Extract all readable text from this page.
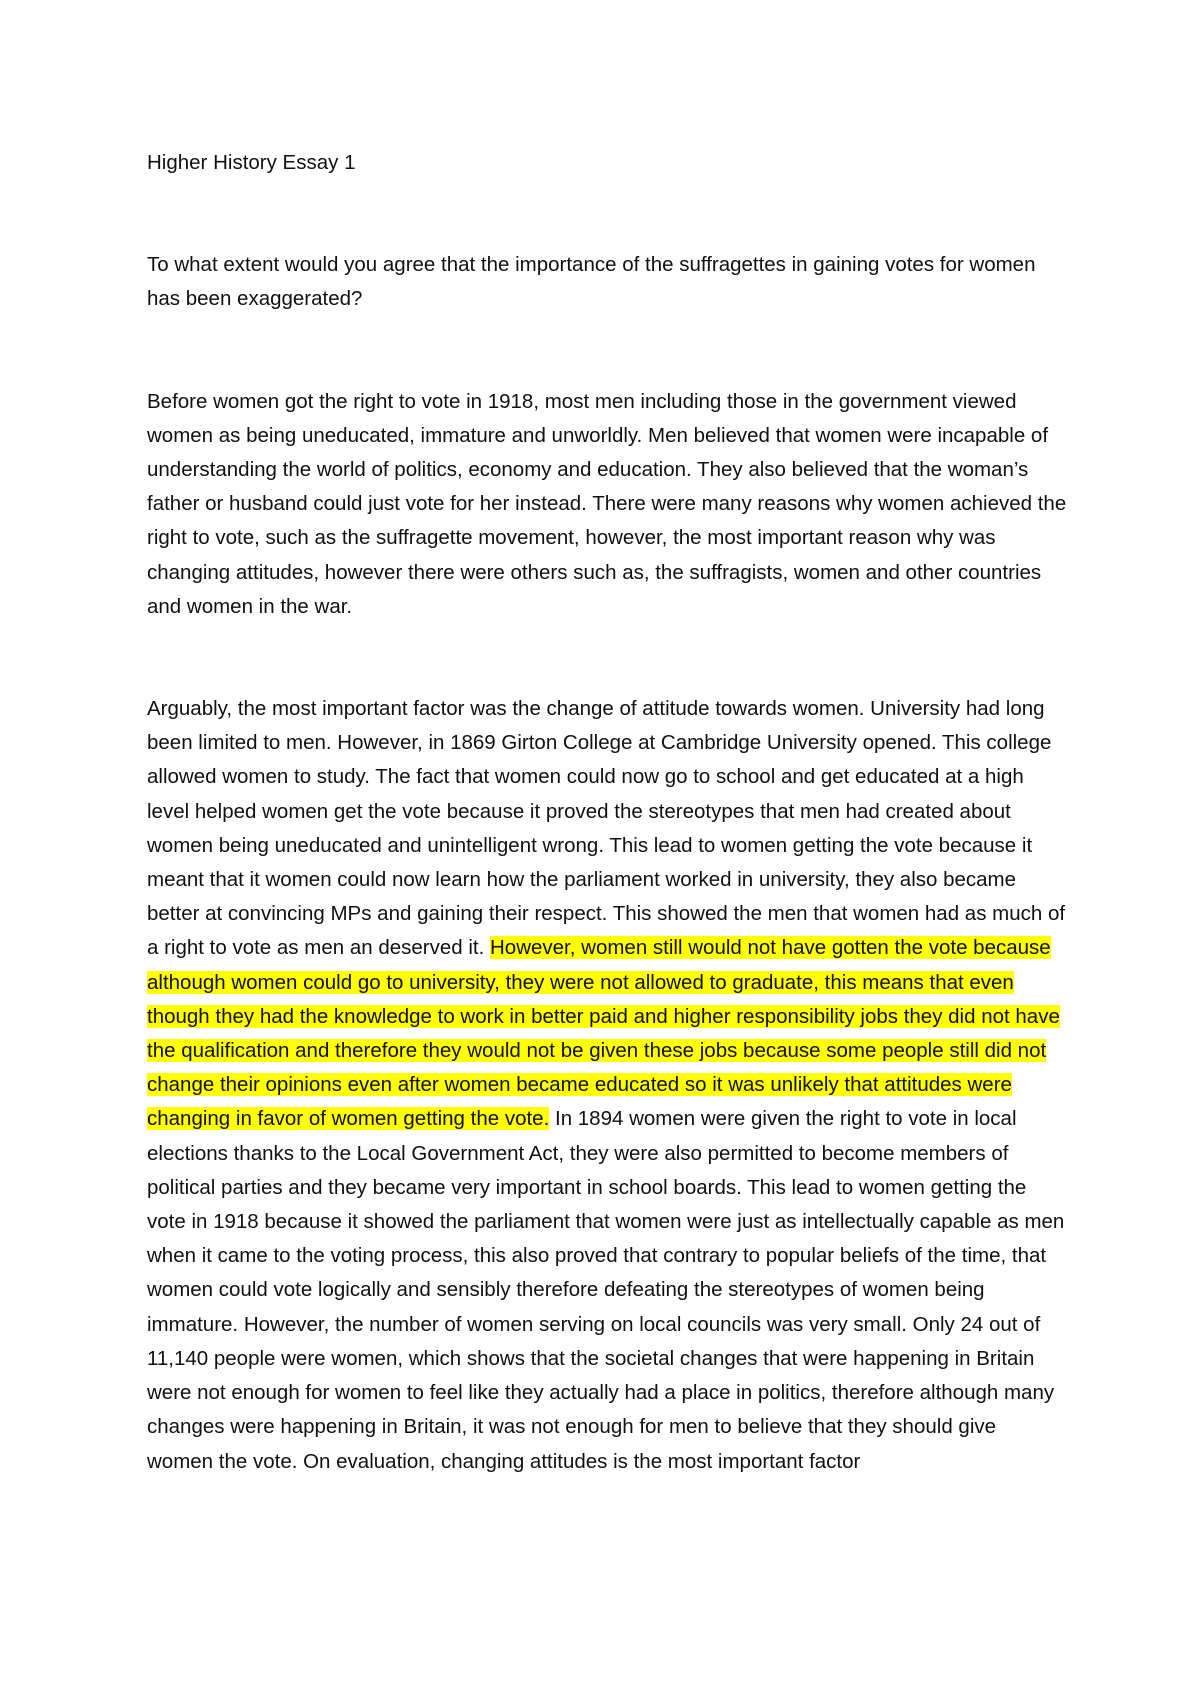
Higher History Essay 1

To what extent would you agree that the importance of the suffragettes in gaining votes for women has been exaggerated?

Before women got the right to vote in 1918, most men including those in the government viewed women as being uneducated, immature and unworldly. Men believed that women were incapable of understanding the world of politics, economy and education. They also believed that the woman’s father or husband could just vote for her instead. There were many reasons why women achieved the right to vote, such as the suffragette movement, however, the most important reason why was changing attitudes, however there were others such as, the suffragists, women and other countries and women in the war.

Arguably, the most important factor was the change of attitude towards women. University had long been limited to men. However, in 1869 Girton College at Cambridge University opened. This college allowed women to study. The fact that women could now go to school and get educated at a high level helped women get the vote because it proved the stereotypes that men had created about women being uneducated and unintelligent wrong. This lead to women getting the vote because it meant that it women could now learn how the parliament worked in university, they also became better at convincing MPs and gaining their respect. This showed the men that women had as much of a right to vote as men an deserved it. However, women still would not have gotten the vote because although women could go to university, they were not allowed to graduate, this means that even though they had the knowledge to work in better paid and higher responsibility jobs they did not have the qualification and therefore they would not be given these jobs because some people still did not change their opinions even after women became educated so it was unlikely that attitudes were changing in favor of women getting the vote. In 1894 women were given the right to vote in local elections thanks to the Local Government Act, they were also permitted to become members of political parties and they became very important in school boards. This lead to women getting the vote in 1918 because it showed the parliament that women were just as intellectually capable as men when it came to the voting process, this also proved that contrary to popular beliefs of the time, that women could vote logically and sensibly therefore defeating the stereotypes of women being immature. However, the number of women serving on local councils was very small. Only 24 out of 11,140 people were women, which shows that the societal changes that were happening in Britain were not enough for women to feel like they actually had a place in politics, therefore although many changes were happening in Britain, it was not enough for men to believe that they should give women the vote. On evaluation, changing attitudes is the most important factor
